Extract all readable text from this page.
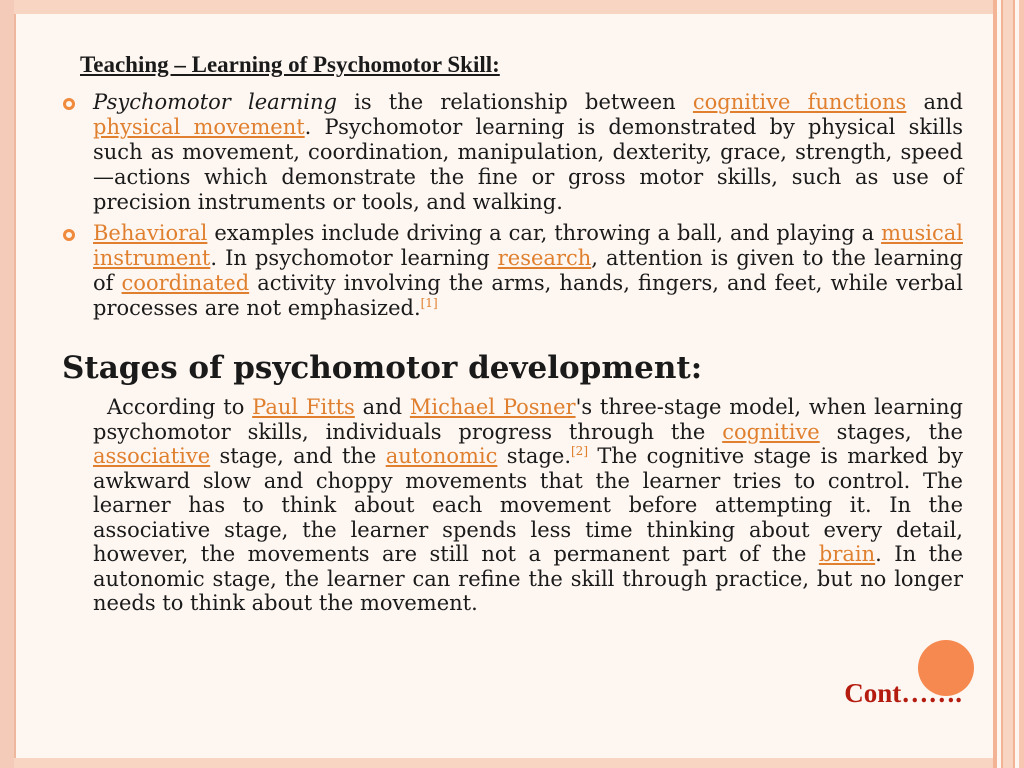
Teaching – Learning of Psychomotor Skill:
Psychomotor learning is the relationship between cognitive functions and physical movement. Psychomotor learning is demonstrated by physical skills such as movement, coordination, manipulation, dexterity, grace, strength, speed—actions which demonstrate the fine or gross motor skills, such as use of precision instruments or tools, and walking.
Behavioral examples include driving a car, throwing a ball, and playing a musical instrument. In psychomotor learning research, attention is given to the learning of coordinated activity involving the arms, hands, fingers, and feet, while verbal processes are not emphasized.[1]
Stages of psychomotor development:

According to Paul Fitts and Michael Posner's three-stage model, when learning psychomotor skills, individuals progress through the cognitive stages, the associative stage, and the autonomic stage.[2] The cognitive stage is marked by awkward slow and choppy movements that the learner tries to control. The learner has to think about each movement before attempting it. In the associative stage, the learner spends less time thinking about every detail, however, the movements are still not a permanent part of the brain. In the autonomic stage, the learner can refine the skill through practice, but no longer needs to think about the movement.

Cont…….
